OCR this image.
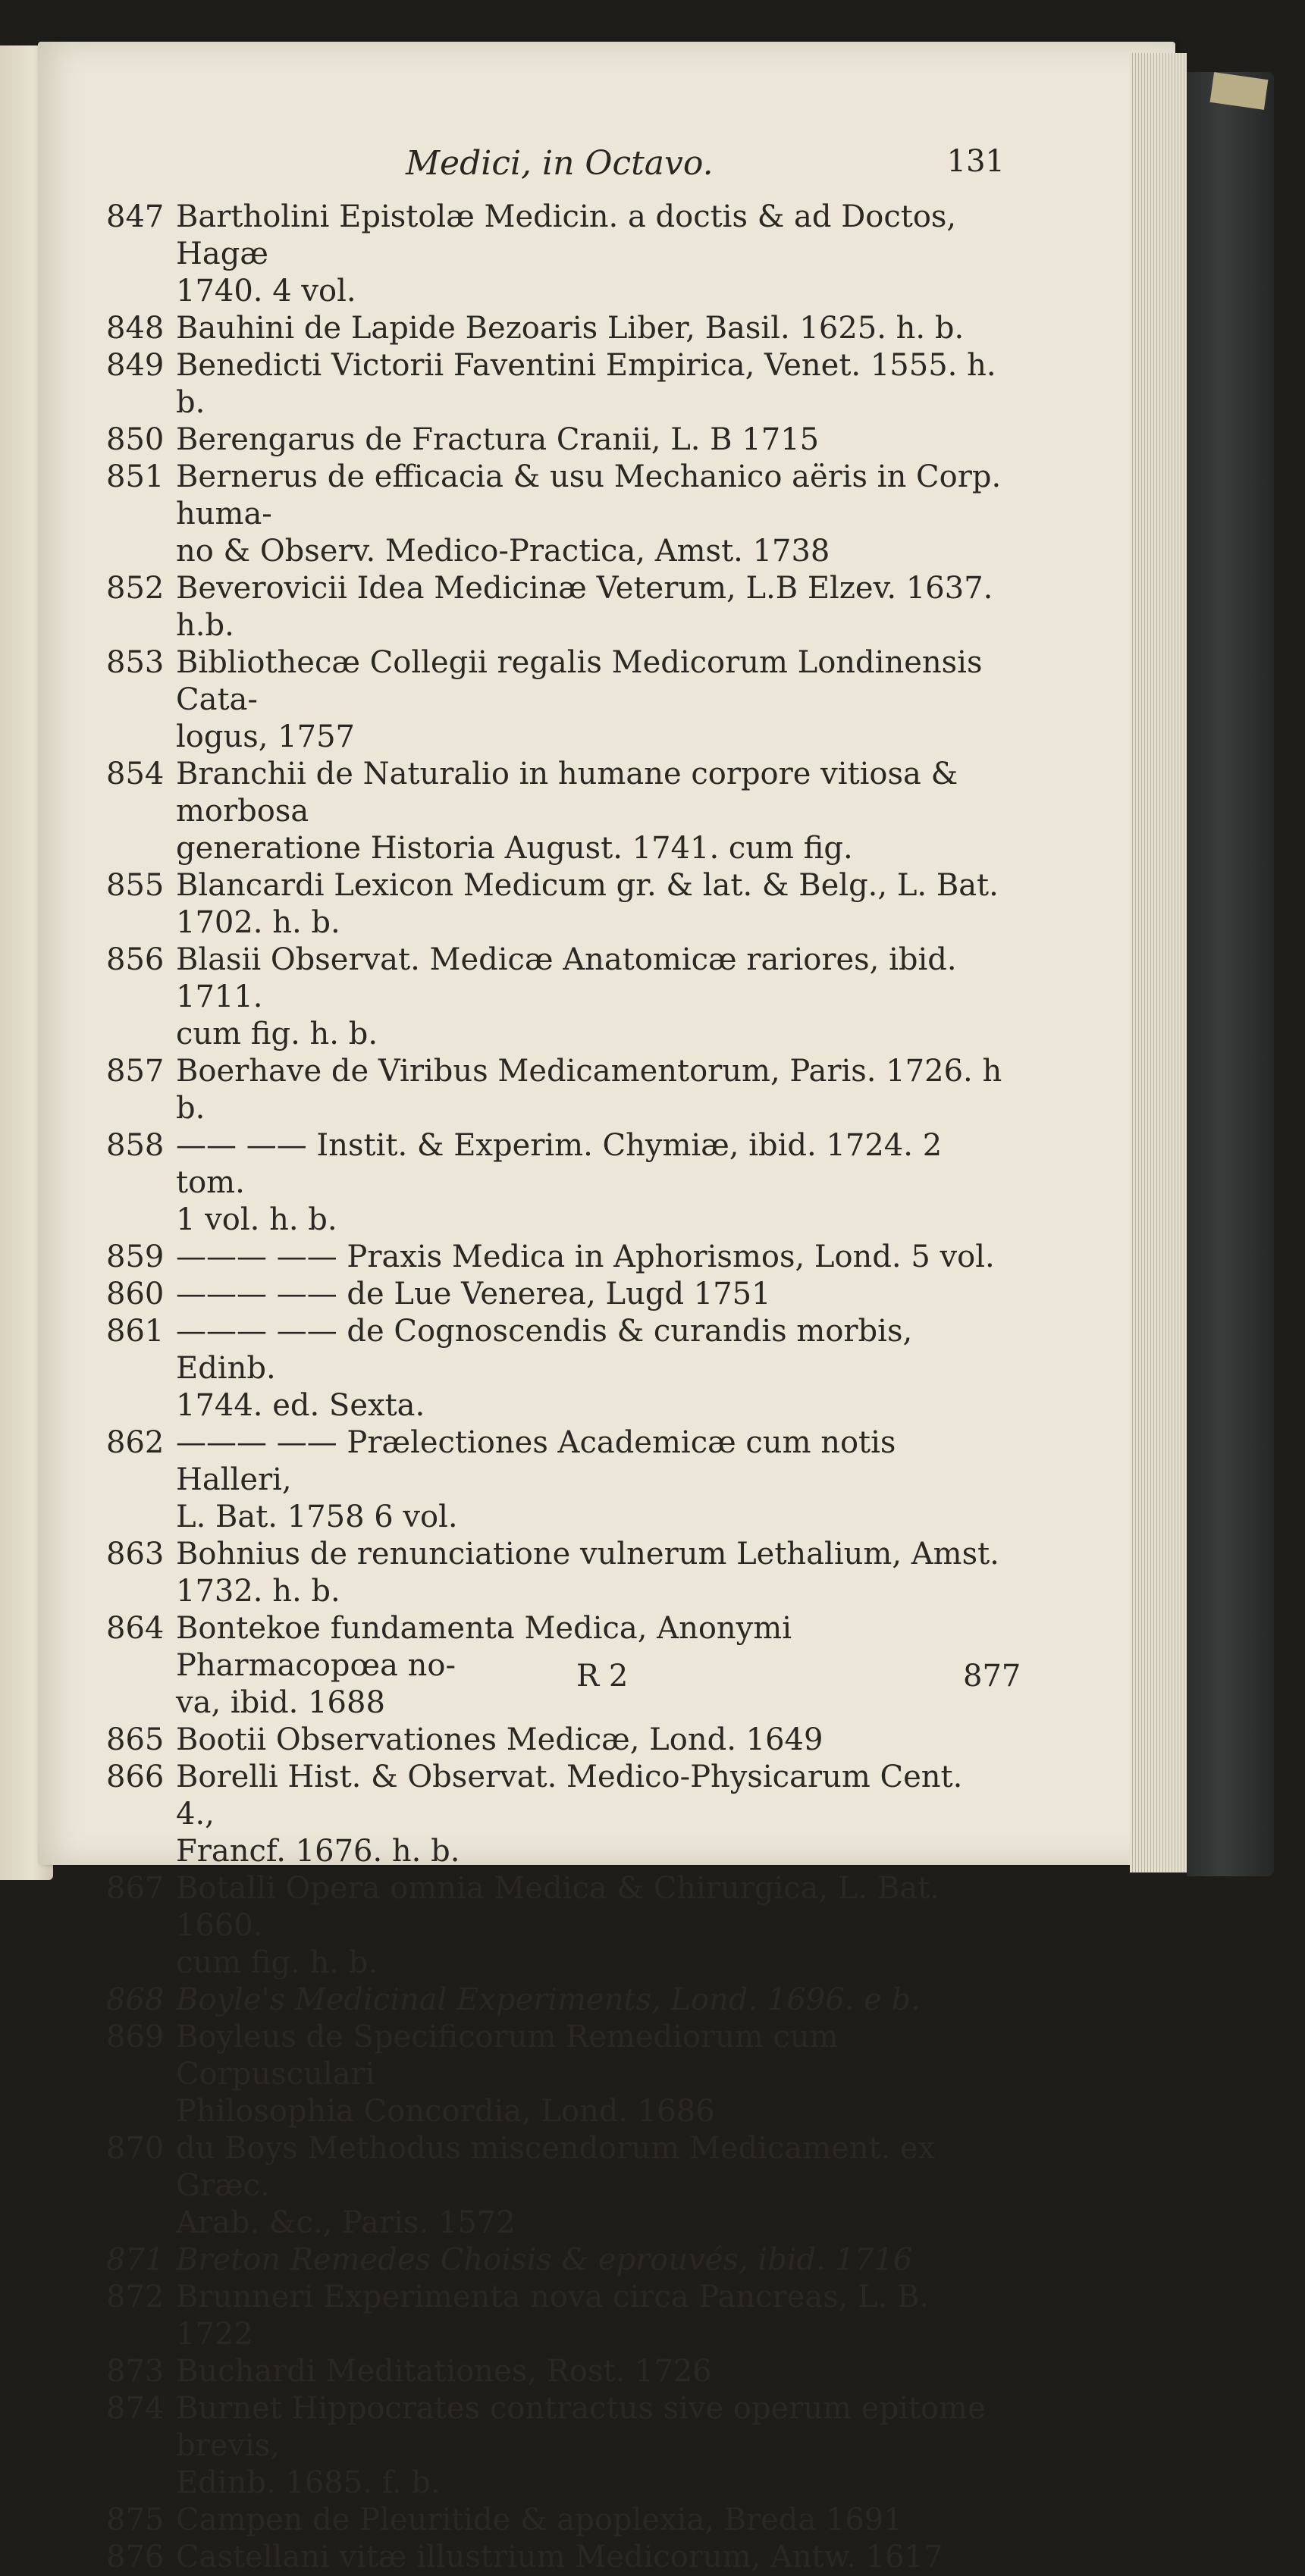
Medici, in Octavo.	131
847 Bartholini Epistolæ Medicin. a doctis & ad Doctos, Hagæ
1740. 4 vol.
848 Bauhini de Lapide Bezoaris Liber, Basil. 1625. h. b.
849 Benedicti Victorii Faventini Empirica, Venet. 1555. h. b.
850 Berengarus de Fractura Cranii, L. B 1715
851 Bernerus de efficacia & usu Mechanico aëris in Corp. huma-
no & Observ. Medico-Practica, Amst. 1738
852 Beverovicii Idea Medicinæ Veterum, L.B Elzev. 1637. h.b.
853 Bibliothecæ Collegii regalis Medicorum Londinensis Cata-
logus, 1757
854 Branchii de Naturalio in humane corpore vitiosa & morbosa
generatione Historia August. 1741. cum fig.
855 Blancardi Lexicon Medicum gr. & lat. & Belg., L. Bat.
1702. h. b.
856 Blasii Observat. Medicæ Anatomicæ rariores, ibid. 1711.
cum fig. h. b.
857 Boerhave de Viribus Medicamentorum, Paris. 1726. h b.
858 —— —— Instit. & Experim. Chymiæ, ibid. 1724. 2 tom.
1 vol. h. b.
859 ——— —— Praxis Medica in Aphorismos, Lond. 5 vol.
860 ——— —— de Lue Venerea, Lugd 1751
861 ——— —— de Cognoscendis & curandis morbis, Edinb.
1744. ed. Sexta.
862 ——— —— Prælectiones Academicæ cum notis Halleri,
L. Bat. 1758 6 vol.
863 Bohnius de renunciatione vulnerum Lethalium, Amst.
1732. h. b.
864 Bontekoe fundamenta Medica, Anonymi Pharmacopœa no-
va, ibid. 1688
865 Bootii Observationes Medicæ, Lond. 1649
866 Borelli Hist. & Observat. Medico-Physicarum Cent. 4.,
Francf. 1676. h. b.
867 Botalli Opera omnia Medica & Chirurgica, L. Bat. 1660.
cum fig. h. b.
868 Boyle's Medicinal Experiments, Lond. 1696. e b.
869 Boyleus de Specificorum Remediorum cum Corpusculari
Philosophia Concordia, Lond. 1686
870 du Boys Methodus miscendorum Medicament. ex Græc.
Arab. &c., Paris. 1572
871 Breton Remedes Choisis & eprouvés, ibid. 1716
872 Brunneri Experimenta nova circa Pancreas, L. B. 1722
873 Buchardi Meditationes, Rost. 1726
874 Burnet Hippocrates contractus sive operum epitome brevis,
Edinb. 1685. f. b.
875 Campen de Pleuritide & apoplexia, Breda 1691
876 Castellani vitæ illustrium Medicorum, Antw. 1617
R 2	877
